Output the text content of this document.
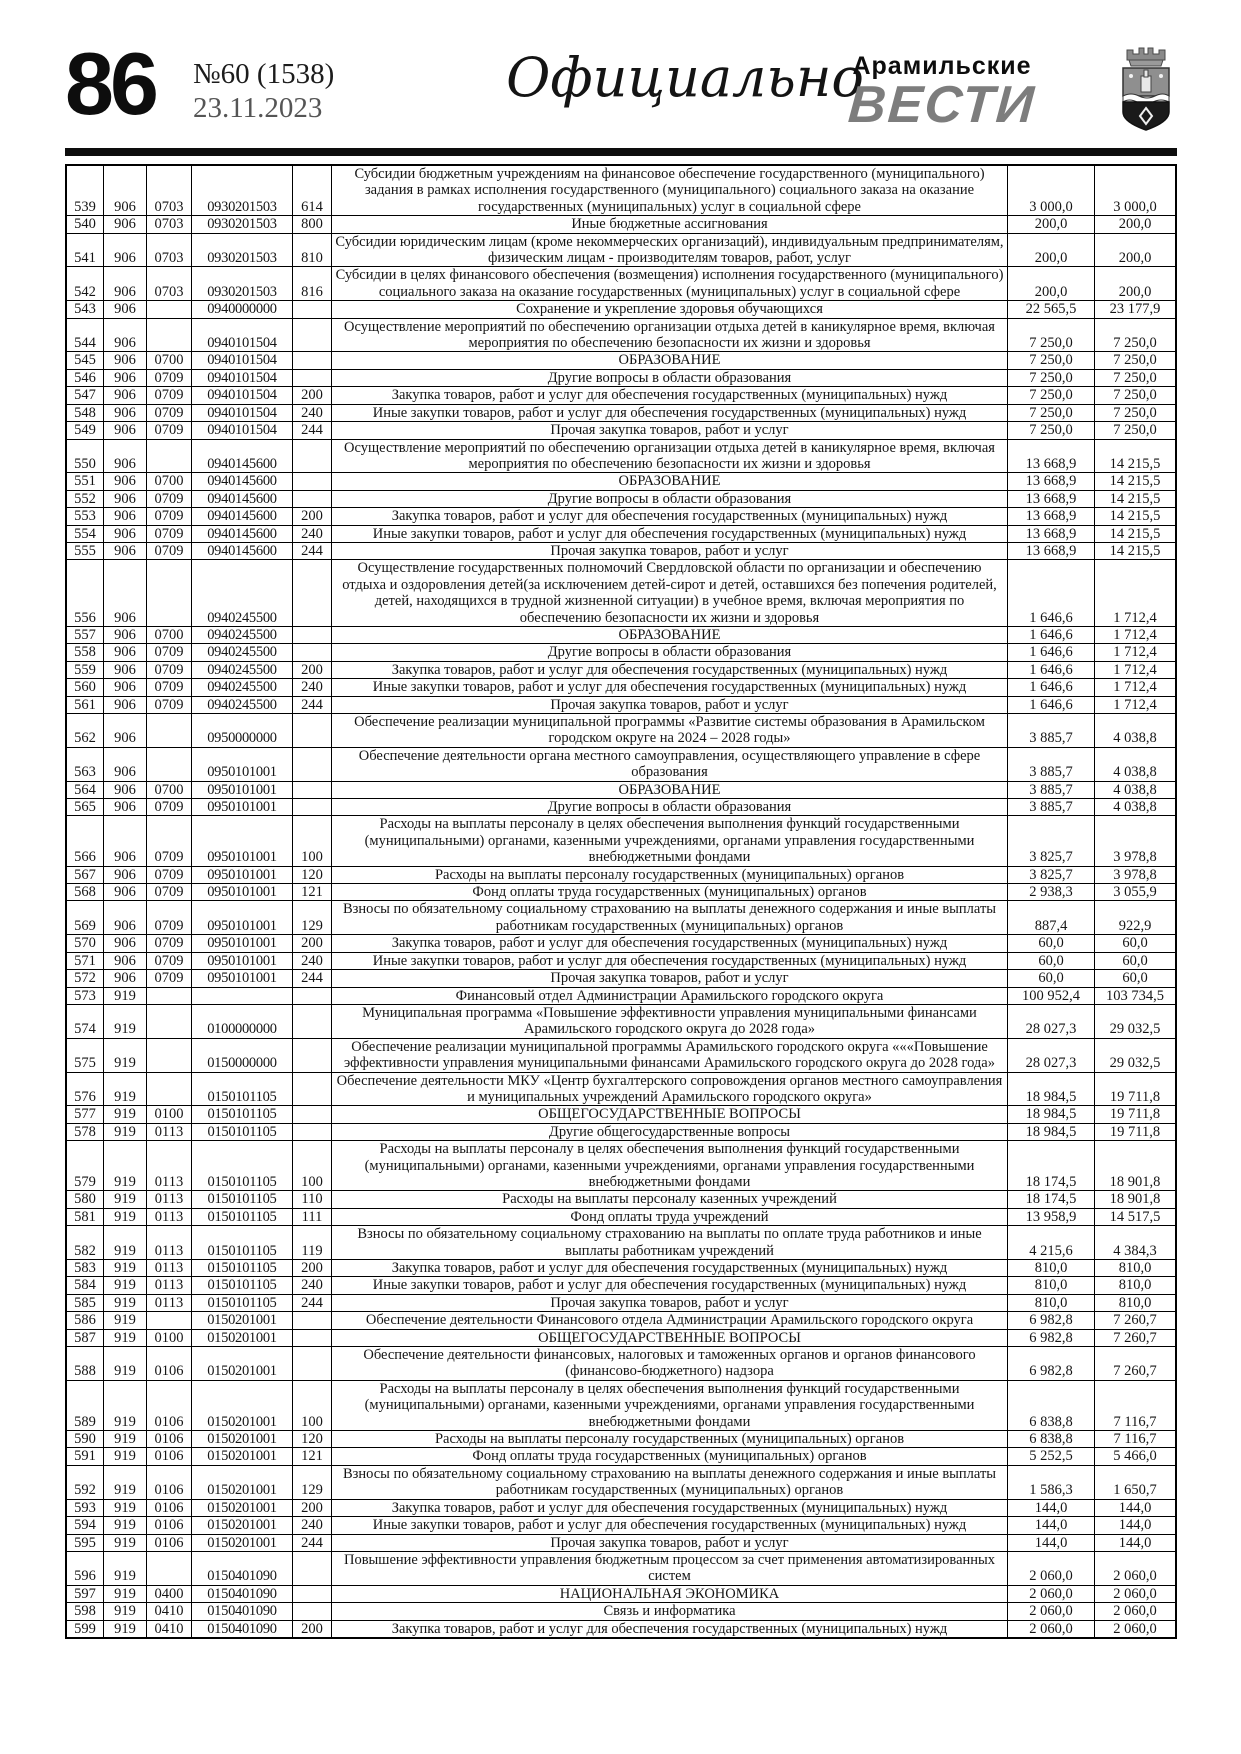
86 №60 (1538)
23.11.2023	Официально
Арамильские
ВЕСТИ
539	906	0703	0930201503	614	Субсидии бюджетным учреждениям на финансовое обеспечение государственного (муниципального) задания в рамках исполнения государственного (муниципального) социального заказа на оказание государственных (муниципальных) услуг в социальной сфере	3 000,0	3 000,0
540	906	0703	0930201503	800	Иные бюджетные ассигнования	200,0	200,0
541	906	0703	0930201503	810	Субсидии юридическим лицам (кроме некоммерческих организаций), индивидуальным предпринимателям, физическим лицам - производителям товаров, работ, услуг	200,0	200,0
542	906	0703	0930201503	816	Субсидии в целях финансового обеспечения (возмещения) исполнения государственного (муниципального) социального заказа на оказание государственных (муниципальных) услуг в социальной сфере	200,0	200,0
543	906		0940000000		Сохранение и укрепление здоровья обучающихся	22 565,5	23 177,9
544	906		0940101504		Осуществление мероприятий по обеспечению организации отдыха детей в каникулярное время, включая мероприятия по обеспечению безопасности их жизни и здоровья	7 250,0	7 250,0
545	906	0700	0940101504		ОБРАЗОВАНИЕ	7 250,0	7 250,0
546	906	0709	0940101504		Другие вопросы в области образования	7 250,0	7 250,0
547	906	0709	0940101504	200	Закупка товаров, работ и услуг для обеспечения государственных (муниципальных) нужд	7 250,0	7 250,0
548	906	0709	0940101504	240	Иные закупки товаров, работ и услуг для обеспечения государственных (муниципальных) нужд	7 250,0	7 250,0
549	906	0709	0940101504	244	Прочая закупка товаров, работ и услуг	7 250,0	7 250,0
550	906		0940145600		Осуществление мероприятий по обеспечению организации отдыха детей в каникулярное время, включая мероприятия по обеспечению безопасности их жизни и здоровья	13 668,9	14 215,5
551	906	0700	0940145600		ОБРАЗОВАНИЕ	13 668,9	14 215,5
552	906	0709	0940145600		Другие вопросы в области образования	13 668,9	14 215,5
553	906	0709	0940145600	200	Закупка товаров, работ и услуг для обеспечения государственных (муниципальных) нужд	13 668,9	14 215,5
554	906	0709	0940145600	240	Иные закупки товаров, работ и услуг для обеспечения государственных (муниципальных) нужд	13 668,9	14 215,5
555	906	0709	0940145600	244	Прочая закупка товаров, работ и услуг	13 668,9	14 215,5
556	906		0940245500		Осуществление государственных полномочий Свердловской области по организации и обеспечению отдыха и оздоровления детей(за исключением детей-сирот и детей, оставшихся без попечения родителей, детей, находящихся в трудной жизненной ситуации) в учебное время, включая мероприятия по обеспечению безопасности их жизни и здоровья	1 646,6	1 712,4
557	906	0700	0940245500		ОБРАЗОВАНИЕ	1 646,6	1 712,4
558	906	0709	0940245500		Другие вопросы в области образования	1 646,6	1 712,4
559	906	0709	0940245500	200	Закупка товаров, работ и услуг для обеспечения государственных (муниципальных) нужд	1 646,6	1 712,4
560	906	0709	0940245500	240	Иные закупки товаров, работ и услуг для обеспечения государственных (муниципальных) нужд	1 646,6	1 712,4
561	906	0709	0940245500	244	Прочая закупка товаров, работ и услуг	1 646,6	1 712,4
562	906		0950000000		Обеспечение реализации муниципальной программы «Развитие системы образования в Арамильском городском округе на 2024 – 2028 годы»	3 885,7	4 038,8
563	906		0950101001		Обеспечение деятельности органа местного самоуправления, осуществляющего управление в сфере образования	3 885,7	4 038,8
564	906	0700	0950101001		ОБРАЗОВАНИЕ	3 885,7	4 038,8
565	906	0709	0950101001		Другие вопросы в области образования	3 885,7	4 038,8
566	906	0709	0950101001	100	Расходы на выплаты персоналу в целях обеспечения выполнения функций государственными (муниципальными) органами, казенными учреждениями, органами управления государственными внебюджетными фондами	3 825,7	3 978,8
567	906	0709	0950101001	120	Расходы на выплаты персоналу государственных (муниципальных) органов	3 825,7	3 978,8
568	906	0709	0950101001	121	Фонд оплаты труда государственных (муниципальных) органов	2 938,3	3 055,9
569	906	0709	0950101001	129	Взносы по обязательному социальному страхованию на выплаты денежного содержания и иные выплаты работникам государственных (муниципальных) органов	887,4	922,9
570	906	0709	0950101001	200	Закупка товаров, работ и услуг для обеспечения государственных (муниципальных) нужд	60,0	60,0
571	906	0709	0950101001	240	Иные закупки товаров, работ и услуг для обеспечения государственных (муниципальных) нужд	60,0	60,0
572	906	0709	0950101001	244	Прочая закупка товаров, работ и услуг	60,0	60,0
573	919				Финансовый отдел Администрации Арамильского городского округа	100 952,4	103 734,5
574	919		0100000000		Муниципальная программа «Повышение эффективности управления муниципальными финансами Арамильского городского округа до 2028 года»	28 027,3	29 032,5
575	919		0150000000		Обеспечение реализации муниципальной программы Арамильского городского округа «««Повышение эффективности управления муниципальными финансами Арамильского городского округа до 2028 года»	28 027,3	29 032,5
576	919		0150101105		Обеспечение деятельности МКУ «Центр бухгалтерского сопровождения органов местного самоуправления и муниципальных учреждений Арамильского городского округа»	18 984,5	19 711,8
577	919	0100	0150101105		ОБЩЕГОСУДАРСТВЕННЫЕ ВОПРОСЫ	18 984,5	19 711,8
578	919	0113	0150101105		Другие общегосударственные вопросы	18 984,5	19 711,8
579	919	0113	0150101105	100	Расходы на выплаты персоналу в целях обеспечения выполнения функций государственными (муниципальными) органами, казенными учреждениями, органами управления государственными внебюджетными фондами	18 174,5	18 901,8
580	919	0113	0150101105	110	Расходы на выплаты персоналу казенных учреждений	18 174,5	18 901,8
581	919	0113	0150101105	111	Фонд оплаты труда учреждений	13 958,9	14 517,5
582	919	0113	0150101105	119	Взносы по обязательному социальному страхованию на выплаты по оплате труда работников и иные выплаты работникам учреждений	4 215,6	4 384,3
583	919	0113	0150101105	200	Закупка товаров, работ и услуг для обеспечения государственных (муниципальных) нужд	810,0	810,0
584	919	0113	0150101105	240	Иные закупки товаров, работ и услуг для обеспечения государственных (муниципальных) нужд	810,0	810,0
585	919	0113	0150101105	244	Прочая закупка товаров, работ и услуг	810,0	810,0
586	919		0150201001		Обеспечение деятельности Финансового отдела Администрации Арамильского городского округа	6 982,8	7 260,7
587	919	0100	0150201001		ОБЩЕГОСУДАРСТВЕННЫЕ ВОПРОСЫ	6 982,8	7 260,7
588	919	0106	0150201001		Обеспечение деятельности финансовых, налоговых и таможенных органов и органов финансового (финансово-бюджетного) надзора	6 982,8	7 260,7
589	919	0106	0150201001	100	Расходы на выплаты персоналу в целях обеспечения выполнения функций государственными (муниципальными) органами, казенными учреждениями, органами управления государственными внебюджетными фондами	6 838,8	7 116,7
590	919	0106	0150201001	120	Расходы на выплаты персоналу государственных (муниципальных) органов	6 838,8	7 116,7
591	919	0106	0150201001	121	Фонд оплаты труда государственных (муниципальных) органов	5 252,5	5 466,0
592	919	0106	0150201001	129	Взносы по обязательному социальному страхованию на выплаты денежного содержания и иные выплаты работникам государственных (муниципальных) органов	1 586,3	1 650,7
593	919	0106	0150201001	200	Закупка товаров, работ и услуг для обеспечения государственных (муниципальных) нужд	144,0	144,0
594	919	0106	0150201001	240	Иные закупки товаров, работ и услуг для обеспечения государственных (муниципальных) нужд	144,0	144,0
595	919	0106	0150201001	244	Прочая закупка товаров, работ и услуг	144,0	144,0
596	919		0150401090		Повышение эффективности управления бюджетным процессом за счет применения автоматизированных систем	2 060,0	2 060,0
597	919	0400	0150401090		НАЦИОНАЛЬНАЯ ЭКОНОМИКА	2 060,0	2 060,0
598	919	0410	0150401090		Связь и информатика	2 060,0	2 060,0
599	919	0410	0150401090	200	Закупка товаров, работ и услуг для обеспечения государственных (муниципальных) нужд	2 060,0	2 060,0
